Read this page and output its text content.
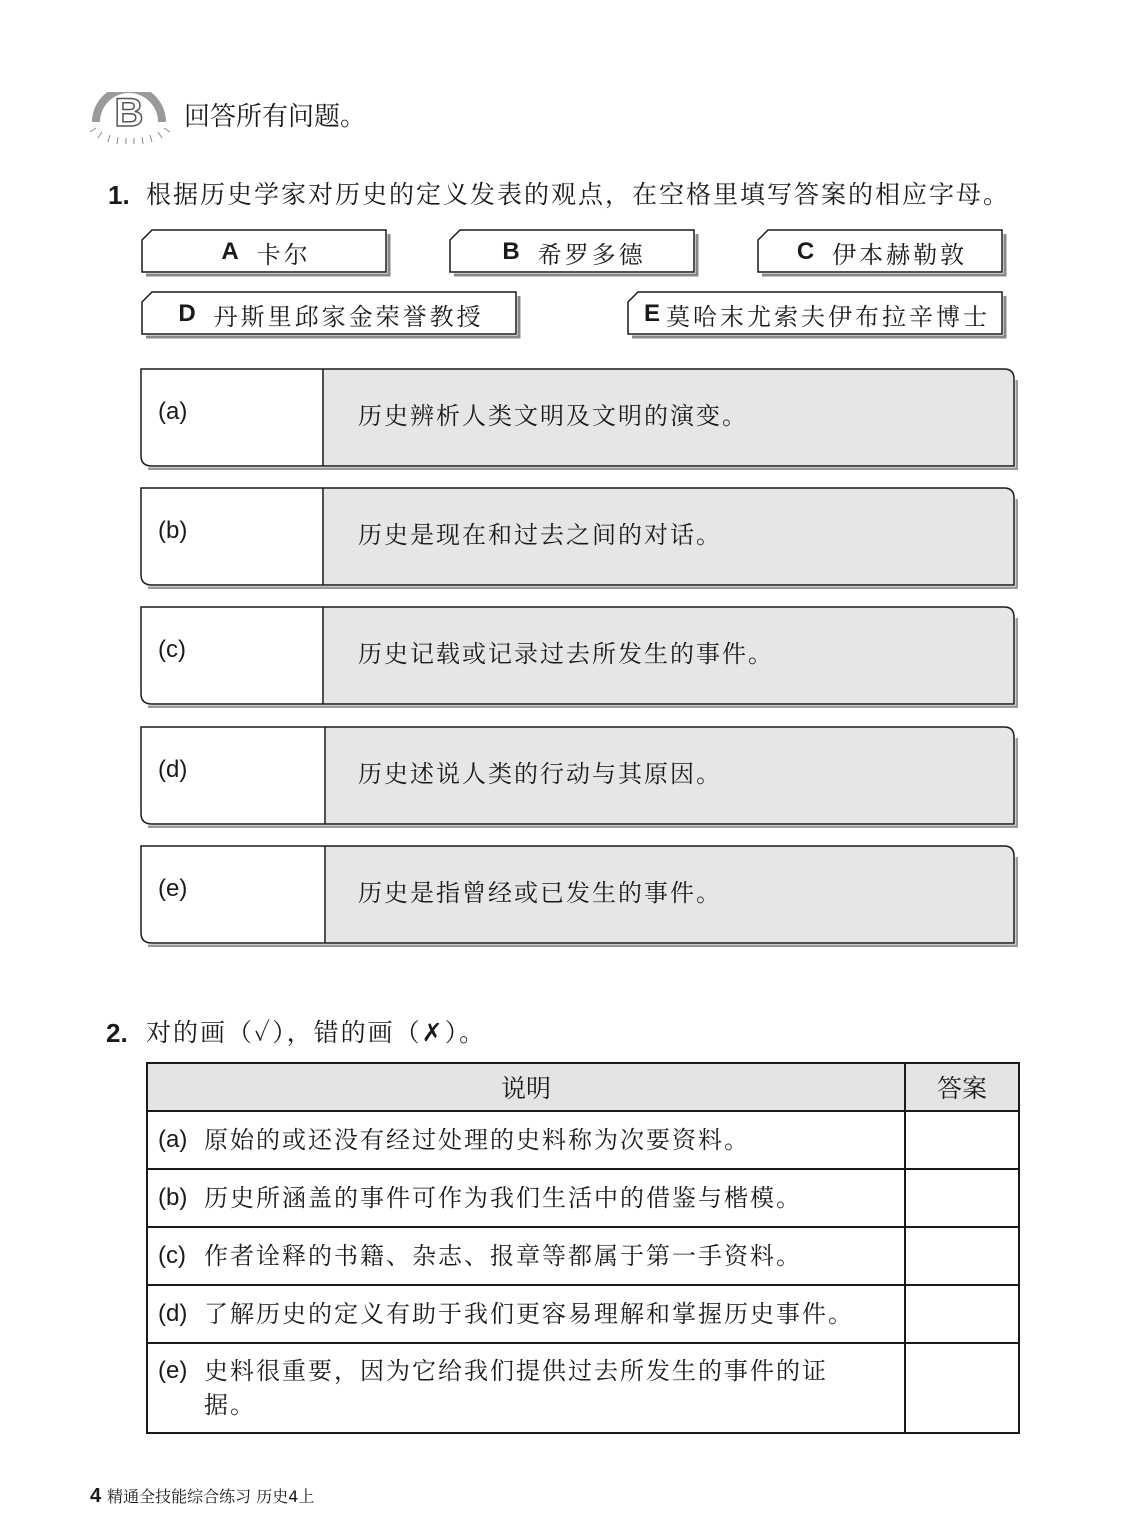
B 回答所有问题。
1. 根据历史学家对历史的定义发表的观点，在空格里填写答案的相应字母。
A 卡尔	B 希罗多德	C 伊本赫勒敦
D 丹斯里邱家金荣誉教授	E 莫哈末尤索夫伊布拉辛博士
(a)	历史辨析人类文明及文明的演变。
(b)	历史是现在和过去之间的对话。
(c)	历史记载或记录过去所发生的事件。
(d)	历史述说人类的行动与其原因。
(e)	历史是指曾经或已发生的事件。
2. 对的画（✓），错的画（✗）。
说明	答案

(a) 原始的或还没有经过处理的史料称为次要资料。	

(b) 历史所涵盖的事件可作为我们生活中的借鉴与楷模。	

(c) 作者诠释的书籍、杂志、报章等都属于第一手资料。	

(d) 了解历史的定义有助于我们更容易理解和掌握历史事件。	

(e) 史料很重要，因为它给我们提供过去所发生的事件的证据。	

4 精通全技能综合练习 历史4上
